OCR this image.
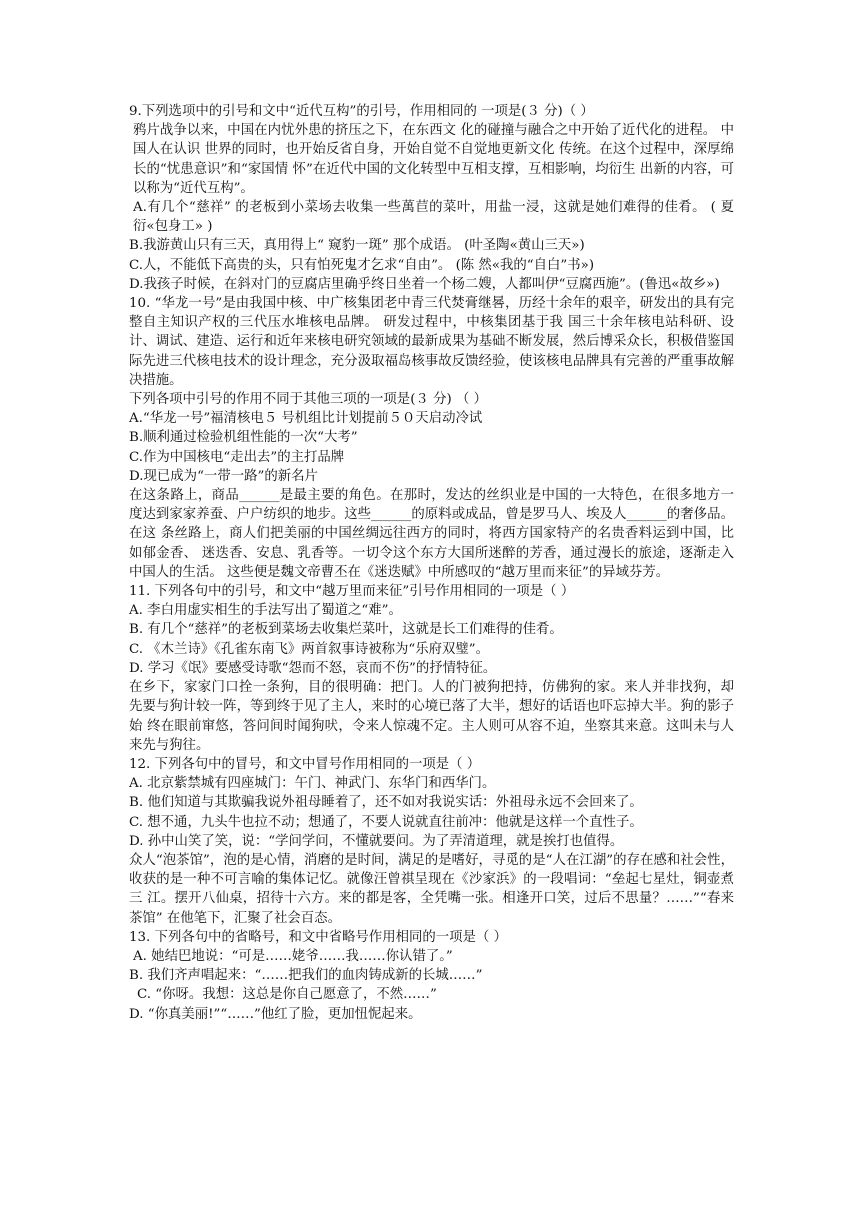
9.下列选项中的引号和文中“近代互构”的引号，作用相同的 一项是(３ 分)（ ）

鸦片战争以来，中国在内忧外患的挤压之下，在东西文 化的碰撞与融合之中开始了近代化的进程。 中国人在认识 世界的同时，也开始反省自身，开始自觉不自觉地更新文化 传统。在这个过程中，深厚绵长的“忧患意识”和“家国情 怀”在近代中国的文化转型中互相支撑，互相影响，均衍生 出新的内容，可以称为“近代互构”。

A.有几个“慈祥” 的老板到小菜场去收集一些萬苣的菜叶，用盐一浸，这就是她们难得的佳肴。 ( 夏衍«包身工» )

B.我游黄山只有三天，真用得上“ 窥豹一斑” 那个成语。 (叶圣陶«黄山三天»)

C.人，不能低下高贵的头，只有怕死鬼才乞求“自由”。 (陈 然«我的“自白”书»)

D.我孩子时候，在斜对门的豆腐店里确乎终日坐着一个杨二嫂，人都叫伊“豆腐西施”。(鲁迅«故乡»)

10. “华龙一号”是由我国中核、中广核集团老中青三代焚膏继晷，历经十余年的艰辛，研发出的具有完整自主知识产权的三代压水堆核电品牌。 研发过程中，中核集团基于我 国三十余年核电站科研、设计、调试、建造、运行和近年来核电研究领域的最新成果为基础不断发展，然后博采众长，积极借鉴国际先进三代核电技术的设计理念，充分汲取福岛核事故反馈经验，使该核电品牌具有完善的严重事故解决措施。

下列各项中引号的作用不同于其他三项的一项是(３ 分) （ ）

A.“华龙一号”福清核电５ 号机组比计划提前５０天启动冷试

B.顺利通过检验机组性能的一次“大考”

C.作为中国核电“走出去”的主打品牌

D.现已成为“一带一路”的新名片

在这条路上，商品______是最主要的角色。在那时，发达的丝织业是中国的一大特色，在很多地方一 度达到家家养蚕、户户纺织的地步。这些______的原料或成品，曾是罗马人、埃及人______的奢侈品。在这 条丝路上，商人们把美丽的中国丝绸远往西方的同时，将西方国家特产的名贵香料运到中国，比如郁金香、 迷迭香、安息、乳香等。一切令这个东方大国所迷醉的芳香，通过漫长的旅途，逐渐走入中国人的生活。 这些便是魏文帝曹丕在《迷迭赋》中所感叹的“越万里而来征”的异域芬芳。

11. 下列各句中的引号，和文中“越万里而来征”引号作用相同的一项是（ ）

A. 李白用虚实相生的手法写出了蜀道之“难”。

B. 有几个“慈祥”的老板到菜场去收集烂菜叶，这就是长工们难得的佳肴。

C. 《木兰诗》《孔雀东南飞》两首叙事诗被称为“乐府双璧”。

D. 学习《氓》要感受诗歌“怨而不怒，哀而不伤”的抒情特征。

在乡下，家家门口拴一条狗，目的很明确：把门。人的门被狗把持，仿佛狗的家。来人并非找狗，却 先要与狗计较一阵，等到终于见了主人，来时的心境已落了大半，想好的话语也吓忘掉大半。狗的影子始 终在眼前窜悠，答问间时闻狗吠，令来人惊魂不定。主人则可从容不迫，坐察其来意。这叫未与人来先与狗往。

12. 下列各句中的冒号，和文中冒号作用相同的一项是（ ）

A. 北京紫禁城有四座城门：午门、神武门、东华门和西华门。

B. 他们知道与其欺骗我说外祖母睡着了，还不如对我说实话：外祖母永远不会回来了。

C. 想不通，九头牛也拉不动；想通了，不要人说就直往前冲：他就是这样一个直性子。

D. 孙中山笑了笑，说：“学问学问，不懂就要问。为了弄清道理，就是挨打也值得。

众人“泡茶馆”，泡的是心情，消磨的是时间，满足的是嗜好，寻觅的是“人在江湖”的存在感和社会性， 收获的是一种不可言喻的集体记忆。就像汪曾祺呈现在《沙家浜》的一段唱词：“垒起七星灶，铜壶煮三 江。摆开八仙桌，招待十六方。来的都是客，全凭嘴一张。相逢开口笑，过后不思量？……”“春来茶馆” 在他笔下，汇聚了社会百态。

13. 下列各句中的省略号，和文中省略号作用相同的一项是（ ）

A. 她结巴地说：“可是……姥爷……我……你认错了。”

B. 我们齐声唱起来：“……把我们的血肉铸成新的长城……”

C. “你呀。我想：这总是你自己愿意了，不然……”

D. “你真美丽!”“……”他红了脸，更加忸怩起来。
